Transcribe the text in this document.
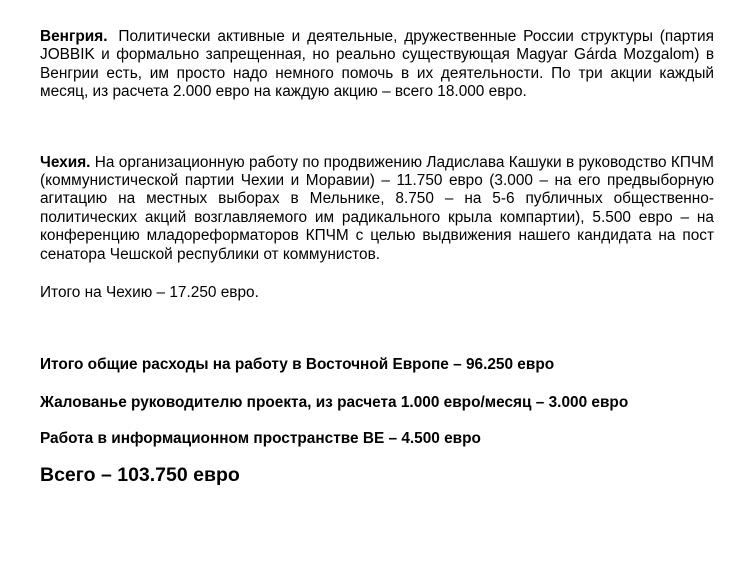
Венгрия. Политически активные и деятельные, дружественные России структуры (партия JOBBIK и формально запрещенная, но реально существующая Magyar Gárda Mozgalom) в Венгрии есть, им просто надо немного помочь в их деятельности. По три акции каждый месяц, из расчета 2.000 евро на каждую акцию – всего 18.000 евро.

Чехия. На организационную работу по продвижению Ладислава Кашуки в руководство КПЧМ (коммунистической партии Чехии и Моравии) – 11.750 евро (3.000 – на его предвыборную агитацию на местных выборах в Мельнике, 8.750 – на 5-6 публичных общественно-политических акций возглавляемого им радикального крыла компартии), 5.500 евро – на конференцию младореформаторов КПЧМ с целью выдвижения нашего кандидата на пост сенатора Чешской республики от коммунистов.

Итого на Чехию – 17.250 евро.

Итого общие расходы на работу в Восточной Европе – 96.250 евро

Жалованье руководителю проекта, из расчета 1.000 евро/месяц – 3.000 евро

Работа в информационном пространстве ВЕ – 4.500 евро

Всего – 103.750 евро
